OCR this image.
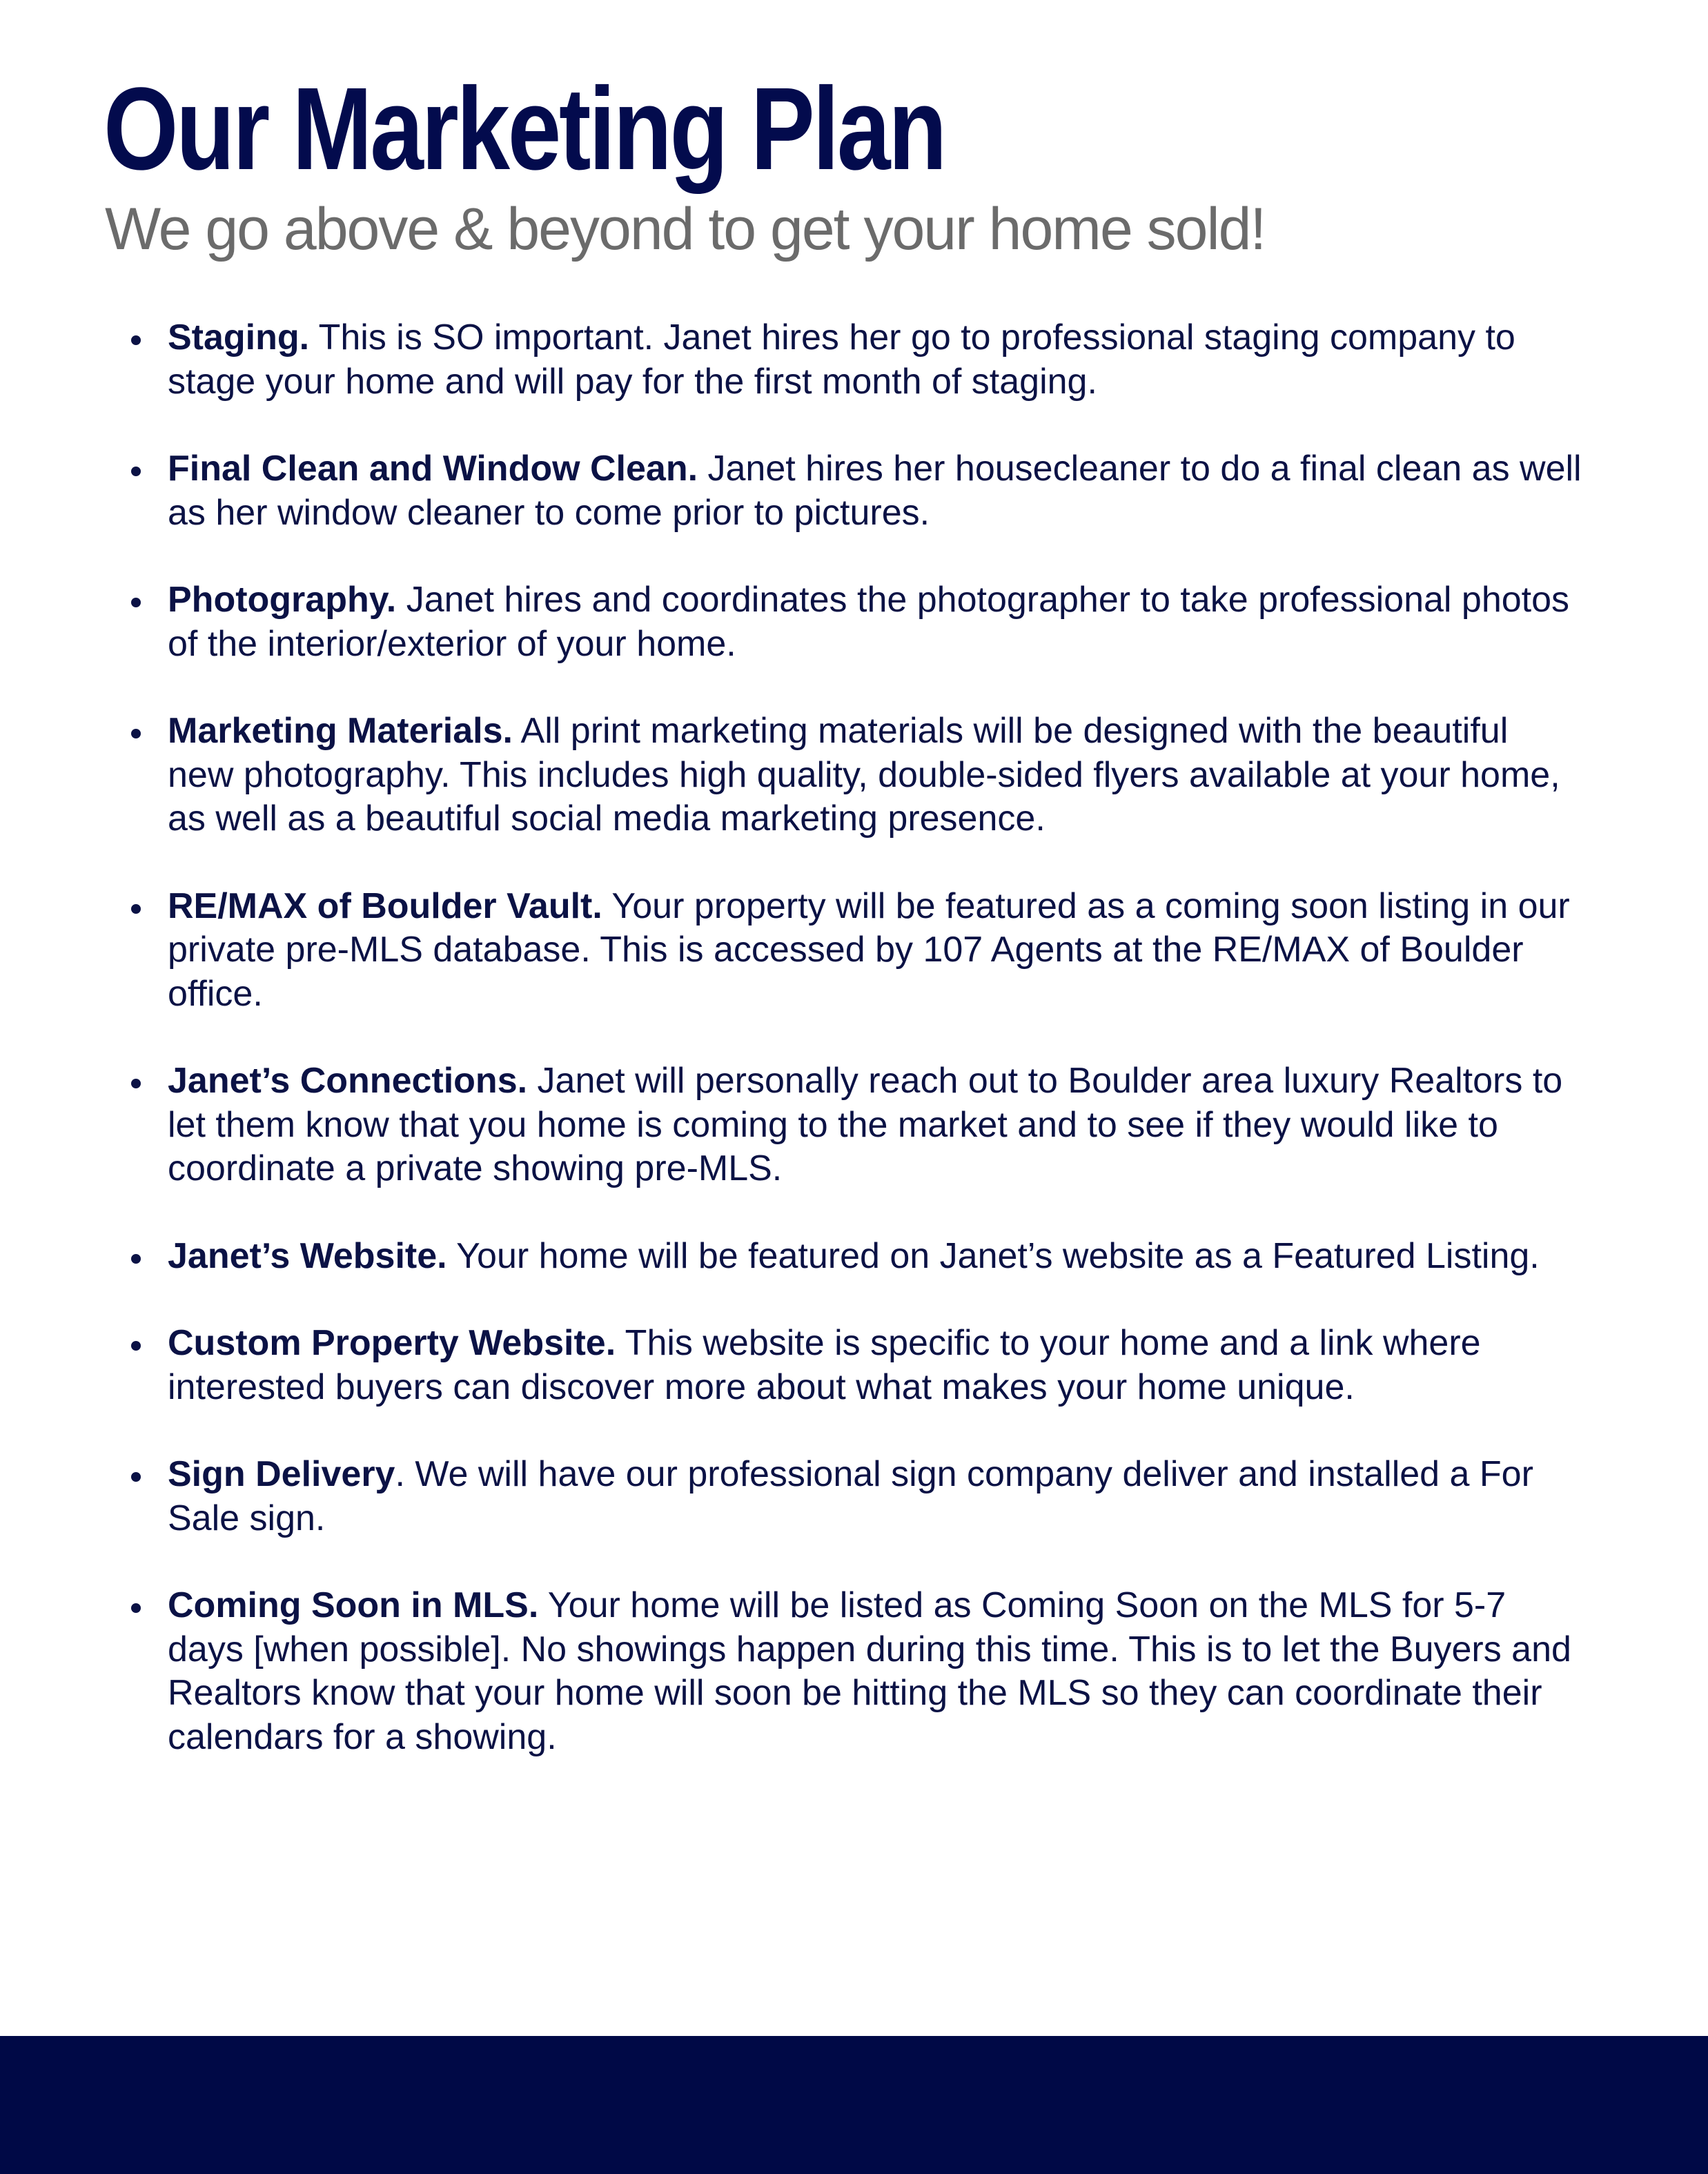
Our Marketing Plan

We go above & beyond to get your home sold!

Staging. This is SO important. Janet hires her go to professional staging company to stage your home and will pay for the first month of staging.
Final Clean and Window Clean. Janet hires her housecleaner to do a final clean as well as her window cleaner to come prior to pictures.
Photography. Janet hires and coordinates the photographer to take professional photos of the interior/exterior of your home.
Marketing Materials. All print marketing materials will be designed with the beautiful new photography. This includes high quality, double-sided flyers available at your home, as well as a beautiful social media marketing presence.
RE/MAX of Boulder Vault. Your property will be featured as a coming soon listing in our private pre-MLS database. This is accessed by 107 Agents at the RE/MAX of Boulder office.
Janet’s Connections. Janet will personally reach out to Boulder area luxury Realtors to let them know that you home is coming to the market and to see if they would like to coordinate a private showing pre-MLS.
Janet’s Website. Your home will be featured on Janet’s website as a Featured Listing.
Custom Property Website. This website is specific to your home and a link where interested buyers can discover more about what makes your home unique.
Sign Delivery. We will have our professional sign company deliver and installed a For Sale sign.
Coming Soon in MLS. Your home will be listed as Coming Soon on the MLS for 5-7 days [when possible]. No showings happen during this time. This is to let the Buyers and Realtors know that your home will soon be hitting the MLS so they can coordinate their calendars for a showing.
